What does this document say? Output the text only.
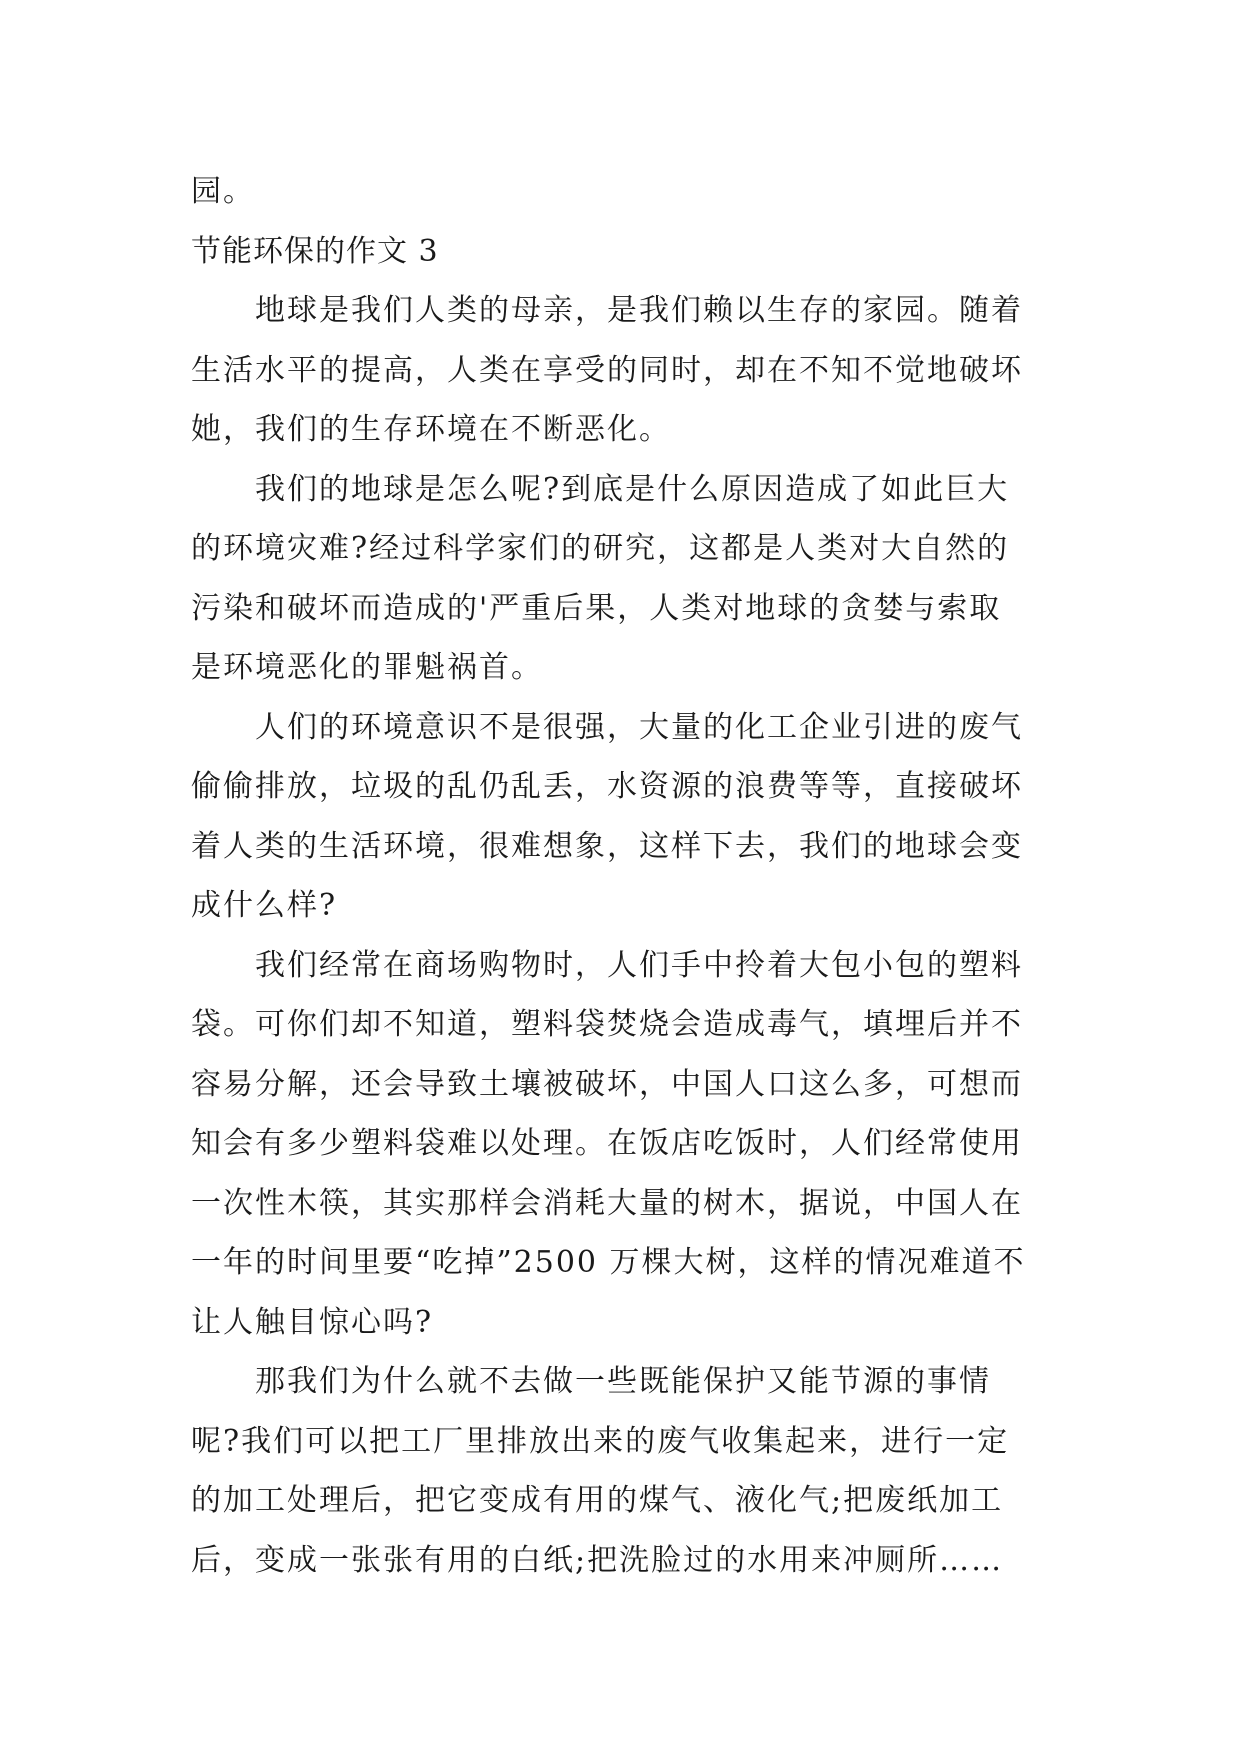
园。
节能环保的作文 3
地球是我们人类的母亲，是我们赖以生存的家园。随着
生活水平的提高，人类在享受的同时，却在不知不觉地破坏
她，我们的生存环境在不断恶化。
我们的地球是怎么呢?到底是什么原因造成了如此巨大
的环境灾难?经过科学家们的研究，这都是人类对大自然的
污染和破坏而造成的'严重后果，人类对地球的贪婪与索取
是环境恶化的罪魁祸首。
人们的环境意识不是很强，大量的化工企业引进的废气
偷偷排放，垃圾的乱仍乱丢，水资源的浪费等等，直接破坏
着人类的生活环境，很难想象，这样下去，我们的地球会变
成什么样?
我们经常在商场购物时，人们手中拎着大包小包的塑料
袋。可你们却不知道，塑料袋焚烧会造成毒气，填埋后并不
容易分解，还会导致土壤被破坏，中国人口这么多，可想而
知会有多少塑料袋难以处理。在饭店吃饭时，人们经常使用
一次性木筷，其实那样会消耗大量的树木，据说，中国人在
一年的时间里要“吃掉”2500 万棵大树，这样的情况难道不
让人触目惊心吗?
那我们为什么就不去做一些既能保护又能节源的事情
呢?我们可以把工厂里排放出来的废气收集起来，进行一定
的加工处理后，把它变成有用的煤气、液化气;把废纸加工
后，变成一张张有用的白纸;把洗脸过的水用来冲厕所……
